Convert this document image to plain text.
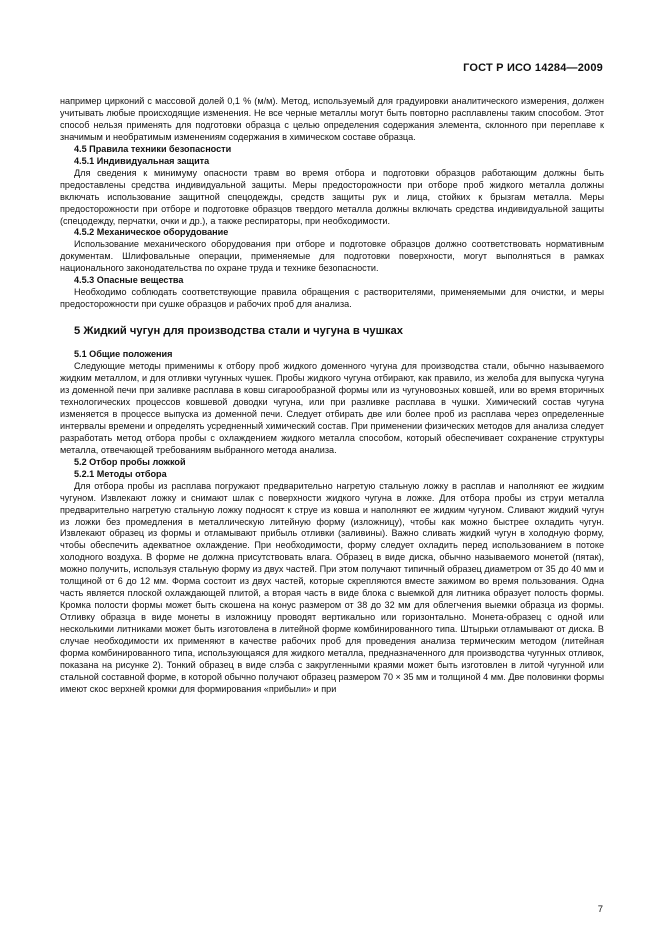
ГОСТ Р ИСО 14284—2009

например цирконий с массовой долей 0,1 % (м/м). Метод, используемый для градуировки аналитического измерения, должен учитывать любые происходящие изменения. Не все черные металлы могут быть повторно расплавлены таким способом. Этот способ нельзя применять для подготовки образца с целью определения содержания элемента, склонного при переплаве к значимым и необратимым изменениям содержания в химическом составе образца.

4.5 Правила техники безопасности
4.5.1 Индивидуальная защита

Для сведения к минимуму опасности травм во время отбора и подготовки образцов работающим должны быть предоставлены средства индивидуальной защиты. Меры предосторожности при отборе проб жидкого металла должны включать использование защитной спецодежды, средств защиты рук и лица, стойких к брызгам металла. Меры предосторожности при отборе и подготовке образцов твердого металла должны включать средства индивидуальной защиты (спецодежду, перчатки, очки и др.), а также респираторы, при необходимости.

4.5.2 Механическое оборудование

Использование механического оборудования при отборе и подготовке образцов должно соответствовать нормативным документам. Шлифовальные операции, применяемые для подготовки поверхности, могут выполняться в рамках национального законодательства по охране труда и технике безопасности.

4.5.3 Опасные вещества

Необходимо соблюдать соответствующие правила обращения с растворителями, применяемыми для очистки, и меры предосторожности при сушке образцов и рабочих проб для анализа.

5 Жидкий чугун для производства стали и чугуна в чушках
5.1 Общие положения

Следующие методы применимы к отбору проб жидкого доменного чугуна для производства стали, обычно называемого жидким металлом, и для отливки чугунных чушек. Пробы жидкого чугуна отбирают, как правило, из желоба для выпуска чугуна из доменной печи при заливке расплава в ковш сигарообразной формы или из чугуновозных ковшей, или во время вторичных технологических процессов ковшевой доводки чугуна, или при разливке расплава в чушки. Химический состав чугуна изменяется в процессе выпуска из доменной печи. Следует отбирать две или более проб из расплава через определенные интервалы времени и определять усредненный химический состав. При применении физических методов для анализа следует разработать метод отбора пробы с охлаждением жидкого металла способом, который обеспечивает сохранение структуры металла, отвечающей требованиям выбранного метода анализа.

5.2 Отбор пробы ложкой
5.2.1 Методы отбора

Для отбора пробы из расплава погружают предварительно нагретую стальную ложку в расплав и наполняют ее жидким чугуном. Извлекают ложку и снимают шлак с поверхности жидкого чугуна в ложке. Для отбора пробы из струи металла предварительно нагретую стальную ложку подносят к струе из ковша и наполняют ее жидким чугуном. Сливают жидкий чугун из ложки без промедления в металлическую литейную форму (изложницу), чтобы как можно быстрее охладить чугун. Извлекают образец из формы и отламывают прибыль отливки (заливины). Важно сливать жидкий чугун в холодную форму, чтобы обеспечить адекватное охлаждение. При необходимости, форму следует охладить перед использованием в потоке холодного воздуха. В форме не должна присутствовать влага. Образец в виде диска, обычно называемого монетой (пятак), можно получить, используя стальную форму из двух частей. При этом получают типичный образец диаметром от 35 до 40 мм и толщиной от 6 до 12 мм. Форма состоит из двух частей, которые скрепляются вместе зажимом во время пользования. Одна часть является плоской охлаждающей плитой, а вторая часть в виде блока с выемкой для литника образует полость формы. Кромка полости формы может быть скошена на конус размером от 38 до 32 мм для облегчения выемки образца из формы. Отливку образца в виде монеты в изложницу проводят вертикально или горизонтально. Монета-образец с одной или несколькими литниками может быть изготовлена в литейной форме комбинированного типа. Штырьки отламывают от диска. В случае необходимости их применяют в качестве рабочих проб для проведения анализа термическим методом (литейная форма комбинированного типа, использующаяся для жидкого металла, предназначенного для производства чугунных отливок, показана на рисунке 2). Тонкий образец в виде слэба с закругленными краями может быть изготовлен в литой чугунной или стальной составной форме, в которой обычно получают образец размером 70 × 35 мм и толщиной 4 мм. Две половинки формы имеют скос верхней кромки для формирования «прибыли» и при

7
